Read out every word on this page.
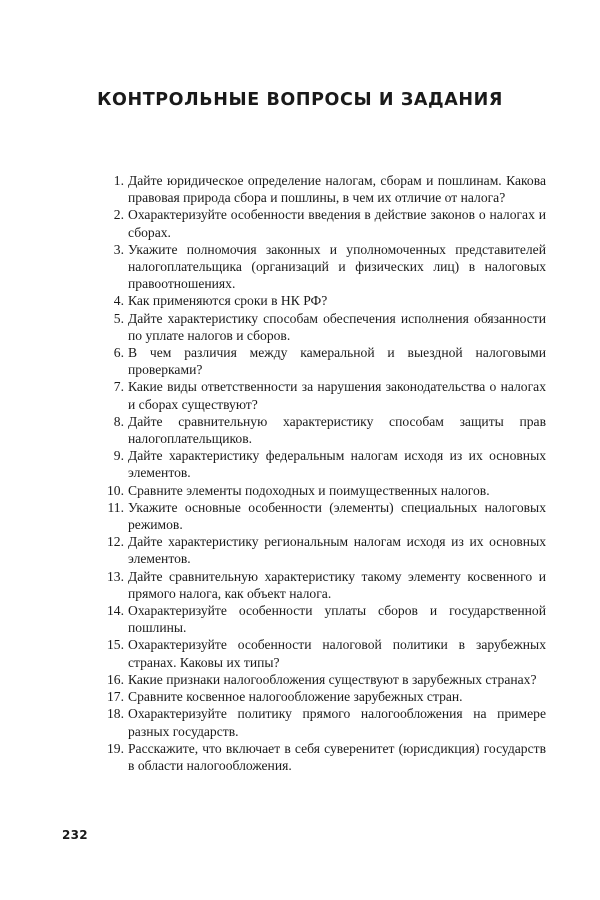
КОНТРОЛЬНЫЕ ВОПРОСЫ И ЗАДАНИЯ
1. Дайте юридическое определение налогам, сборам и пошлинам. Какова правовая природа сбора и пошлины, в чем их отличие от налога?
2. Охарактеризуйте особенности введения в действие законов о налогах и сборах.
3. Укажите полномочия законных и уполномоченных представителей налогоплательщика (организаций и физических лиц) в налоговых правоотношениях.
4. Как применяются сроки в НК РФ?
5. Дайте характеристику способам обеспечения исполнения обязанности по уплате налогов и сборов.
6. В чем различия между камеральной и выездной налоговыми проверками?
7. Какие виды ответственности за нарушения законодательства о налогах и сборах существуют?
8. Дайте сравнительную характеристику способам защиты прав налогоплательщиков.
9. Дайте характеристику федеральным налогам исходя из их основных элементов.
10. Сравните элементы подоходных и поимущественных налогов.
11. Укажите основные особенности (элементы) специальных налоговых режимов.
12. Дайте характеристику региональным налогам исходя из их основных элементов.
13. Дайте сравнительную характеристику такому элементу косвенного и прямого налога, как объект налога.
14. Охарактеризуйте особенности уплаты сборов и государственной пошлины.
15. Охарактеризуйте особенности налоговой политики в зарубежных странах. Каковы их типы?
16. Какие признаки налогообложения существуют в зарубежных странах?
17. Сравните косвенное налогообложение зарубежных стран.
18. Охарактеризуйте политику прямого налогообложения на примере разных государств.
19. Расскажите, что включает в себя суверенитет (юрисдикция) государств в области налогообложения.
232
